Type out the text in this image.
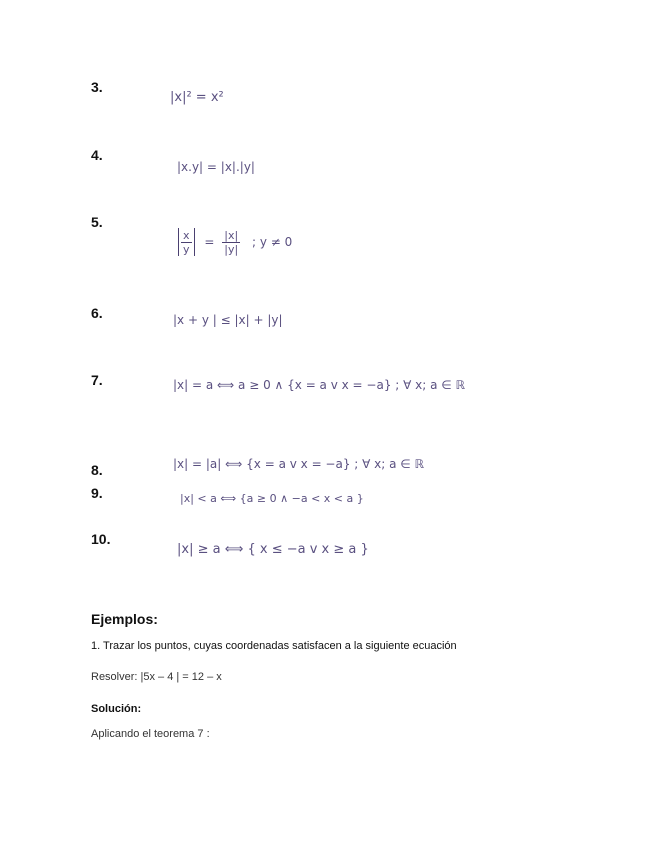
3.
|x|² = x²
4.
|x.y| = |x|.|y|
5.
$\frac{x}{y} = \frac{|x|}{|y|}$ ; y ≠ 0
6.	|x + y | ≤ |x| + |y|
7.	|x| = a ⟺ a ≥ 0 ∧ {x = a v x = −a} ; ∀ x; a ∈ ℝ
8.	|x| = |a| ⟺ {x = a v x = −a} ; ∀ x; a ∈ ℝ
9.	|x| < a ⟺ {a ≥ 0 ∧ −a < x < a }
10.
|x| ≥ a ⟺ { x ≤ −a v x ≥ a }
Ejemplos:
1. Trazar los puntos, cuyas coordenadas satisfacen a la siguiente ecuación
Resolver: |5x – 4 | = 12 – x
Solución:
Aplicando el teorema 7 :
